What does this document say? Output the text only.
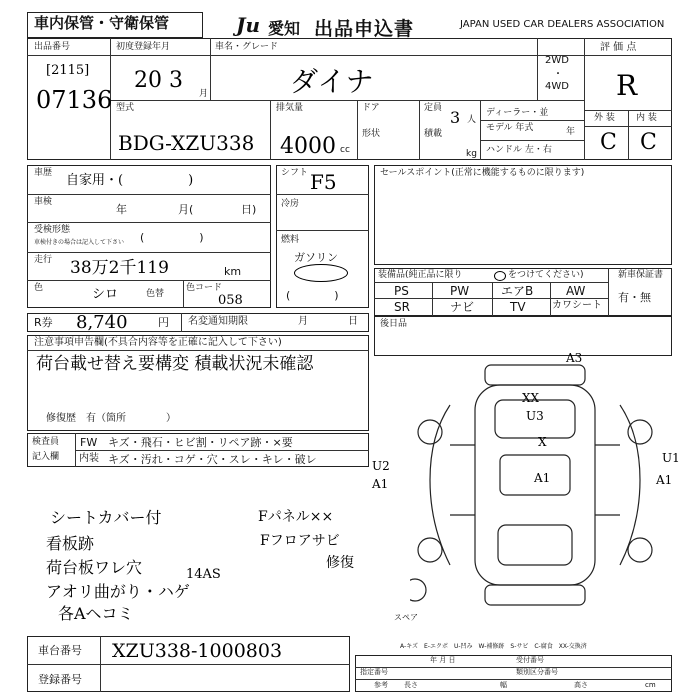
車内保管・守衛保管	Ju 愛知 出品申込書	JAPAN USED CAR DEALERS ASSOCIATION
出品番号
[2115]
07136
初度登録年月
20 3
月
車名・グレード
ダイナ
2WD
・
4WD
評 価 点
R
外 装 内 装
C C
型式
BDG-XZU338
排気量
4000 cc
ドア
形状
定員 3 人
積載
kg
ディーラー・並
モデル 年式	年
ハンドル 左・右
車歴 自家用・(　　　　　)
車検
年	月(	日)
受検形態
車検付きの場合は記入して下さい (　　　　　)
走行 38万2千119	km
色	シロ	色替
色コード
058
シフト F5
冷房
燃料
ガソリン
(　　　　)
セールスポイント(正常に機能するものに限ります)
装備品(純正品に限り	をつけてください)
PS	PW	エアB	AW
SR	ナビ	TV	カワシート
新車保証書
有・無
R券 8,740	円 名変通知期限	月	日 後日品
注意事項申告欄(不具合内容等を正確に記入して下さい)
荷台載せ替え要構変 積載状況未確認
修復歴　有（箇所　　　　）
検査員
記入欄
FW キズ・飛石・ヒビ割・リペア跡・×要
内装 キズ・汚れ・コゲ・穴・スレ・キレ・破レ
シートカバー付
看板跡
荷台板ワレ穴
アオリ曲がり・ハゲ
各Aヘコミ
Fパネル××
Fフロアサビ
14AS
修復
A3
XX
U3
X
A1
U2
A1
U1
A1
スペア
A-キズ　E-エクボ　U-凹み　W-補修跡　S-サビ　C-腐食　XX-交換済
車台番号 XZU338-1000803
登録番号
年 月 日	受付番号
指定番号	類別区分番号
参考 長さ	幅	高さ	cm
